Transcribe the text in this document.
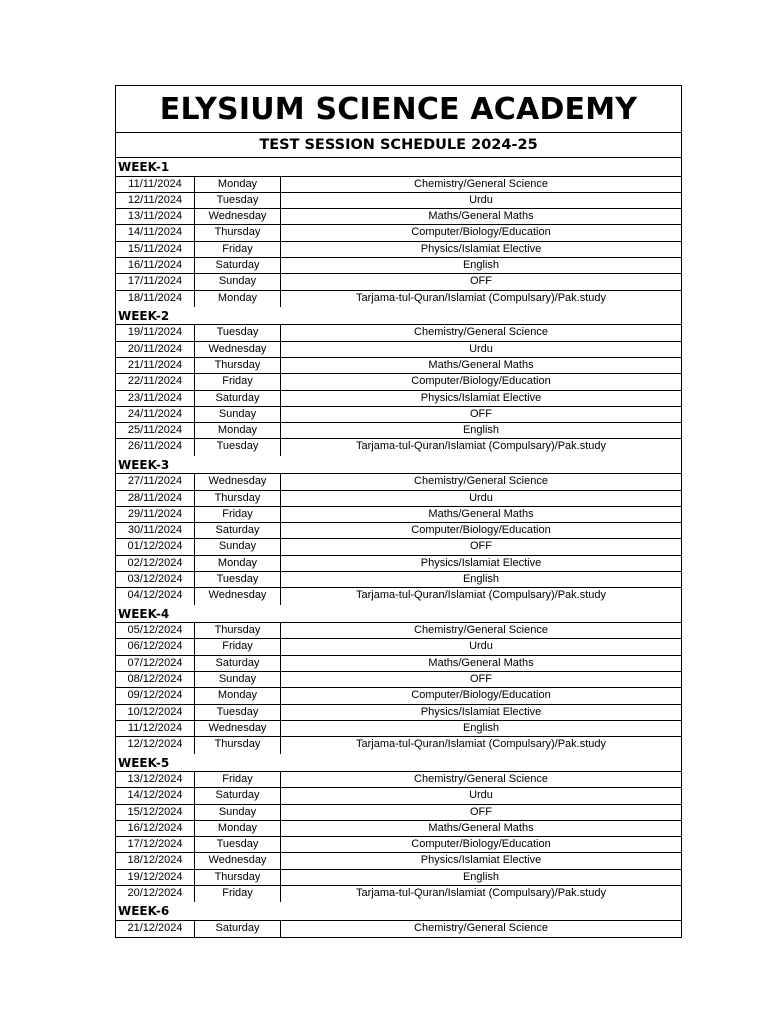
ELYSIUM SCIENCE ACADEMY
TEST SESSION SCHEDULE 2024-25
WEEK-1
11/11/2024	Monday	Chemistry/General Science
12/11/2024	Tuesday	Urdu
13/11/2024	Wednesday	Maths/General Maths
14/11/2024	Thursday	Computer/Biology/Education
15/11/2024	Friday	Physics/Islamiat Elective
16/11/2024	Saturday	English
17/11/2024	Sunday	OFF
18/11/2024	Monday	Tarjama-tul-Quran/Islamiat (Compulsary)/Pak.study
WEEK-2
19/11/2024	Tuesday	Chemistry/General Science
20/11/2024	Wednesday	Urdu
21/11/2024	Thursday	Maths/General Maths
22/11/2024	Friday	Computer/Biology/Education
23/11/2024	Saturday	Physics/Islamiat Elective
24/11/2024	Sunday	OFF
25/11/2024	Monday	English
26/11/2024	Tuesday	Tarjama-tul-Quran/Islamiat (Compulsary)/Pak.study
WEEK-3
27/11/2024	Wednesday	Chemistry/General Science
28/11/2024	Thursday	Urdu
29/11/2024	Friday	Maths/General Maths
30/11/2024	Saturday	Computer/Biology/Education
01/12/2024	Sunday	OFF
02/12/2024	Monday	Physics/Islamiat Elective
03/12/2024	Tuesday	English
04/12/2024	Wednesday	Tarjama-tul-Quran/Islamiat (Compulsary)/Pak.study
WEEK-4
05/12/2024	Thursday	Chemistry/General Science
06/12/2024	Friday	Urdu
07/12/2024	Saturday	Maths/General Maths
08/12/2024	Sunday	OFF
09/12/2024	Monday	Computer/Biology/Education
10/12/2024	Tuesday	Physics/Islamiat Elective
11/12/2024	Wednesday	English
12/12/2024	Thursday	Tarjama-tul-Quran/Islamiat (Compulsary)/Pak.study
WEEK-5
13/12/2024	Friday	Chemistry/General Science
14/12/2024	Saturday	Urdu
15/12/2024	Sunday	OFF
16/12/2024	Monday	Maths/General Maths
17/12/2024	Tuesday	Computer/Biology/Education
18/12/2024	Wednesday	Physics/Islamiat Elective
19/12/2024	Thursday	English
20/12/2024	Friday	Tarjama-tul-Quran/Islamiat (Compulsary)/Pak.study
WEEK-6
21/12/2024	Saturday	Chemistry/General Science
